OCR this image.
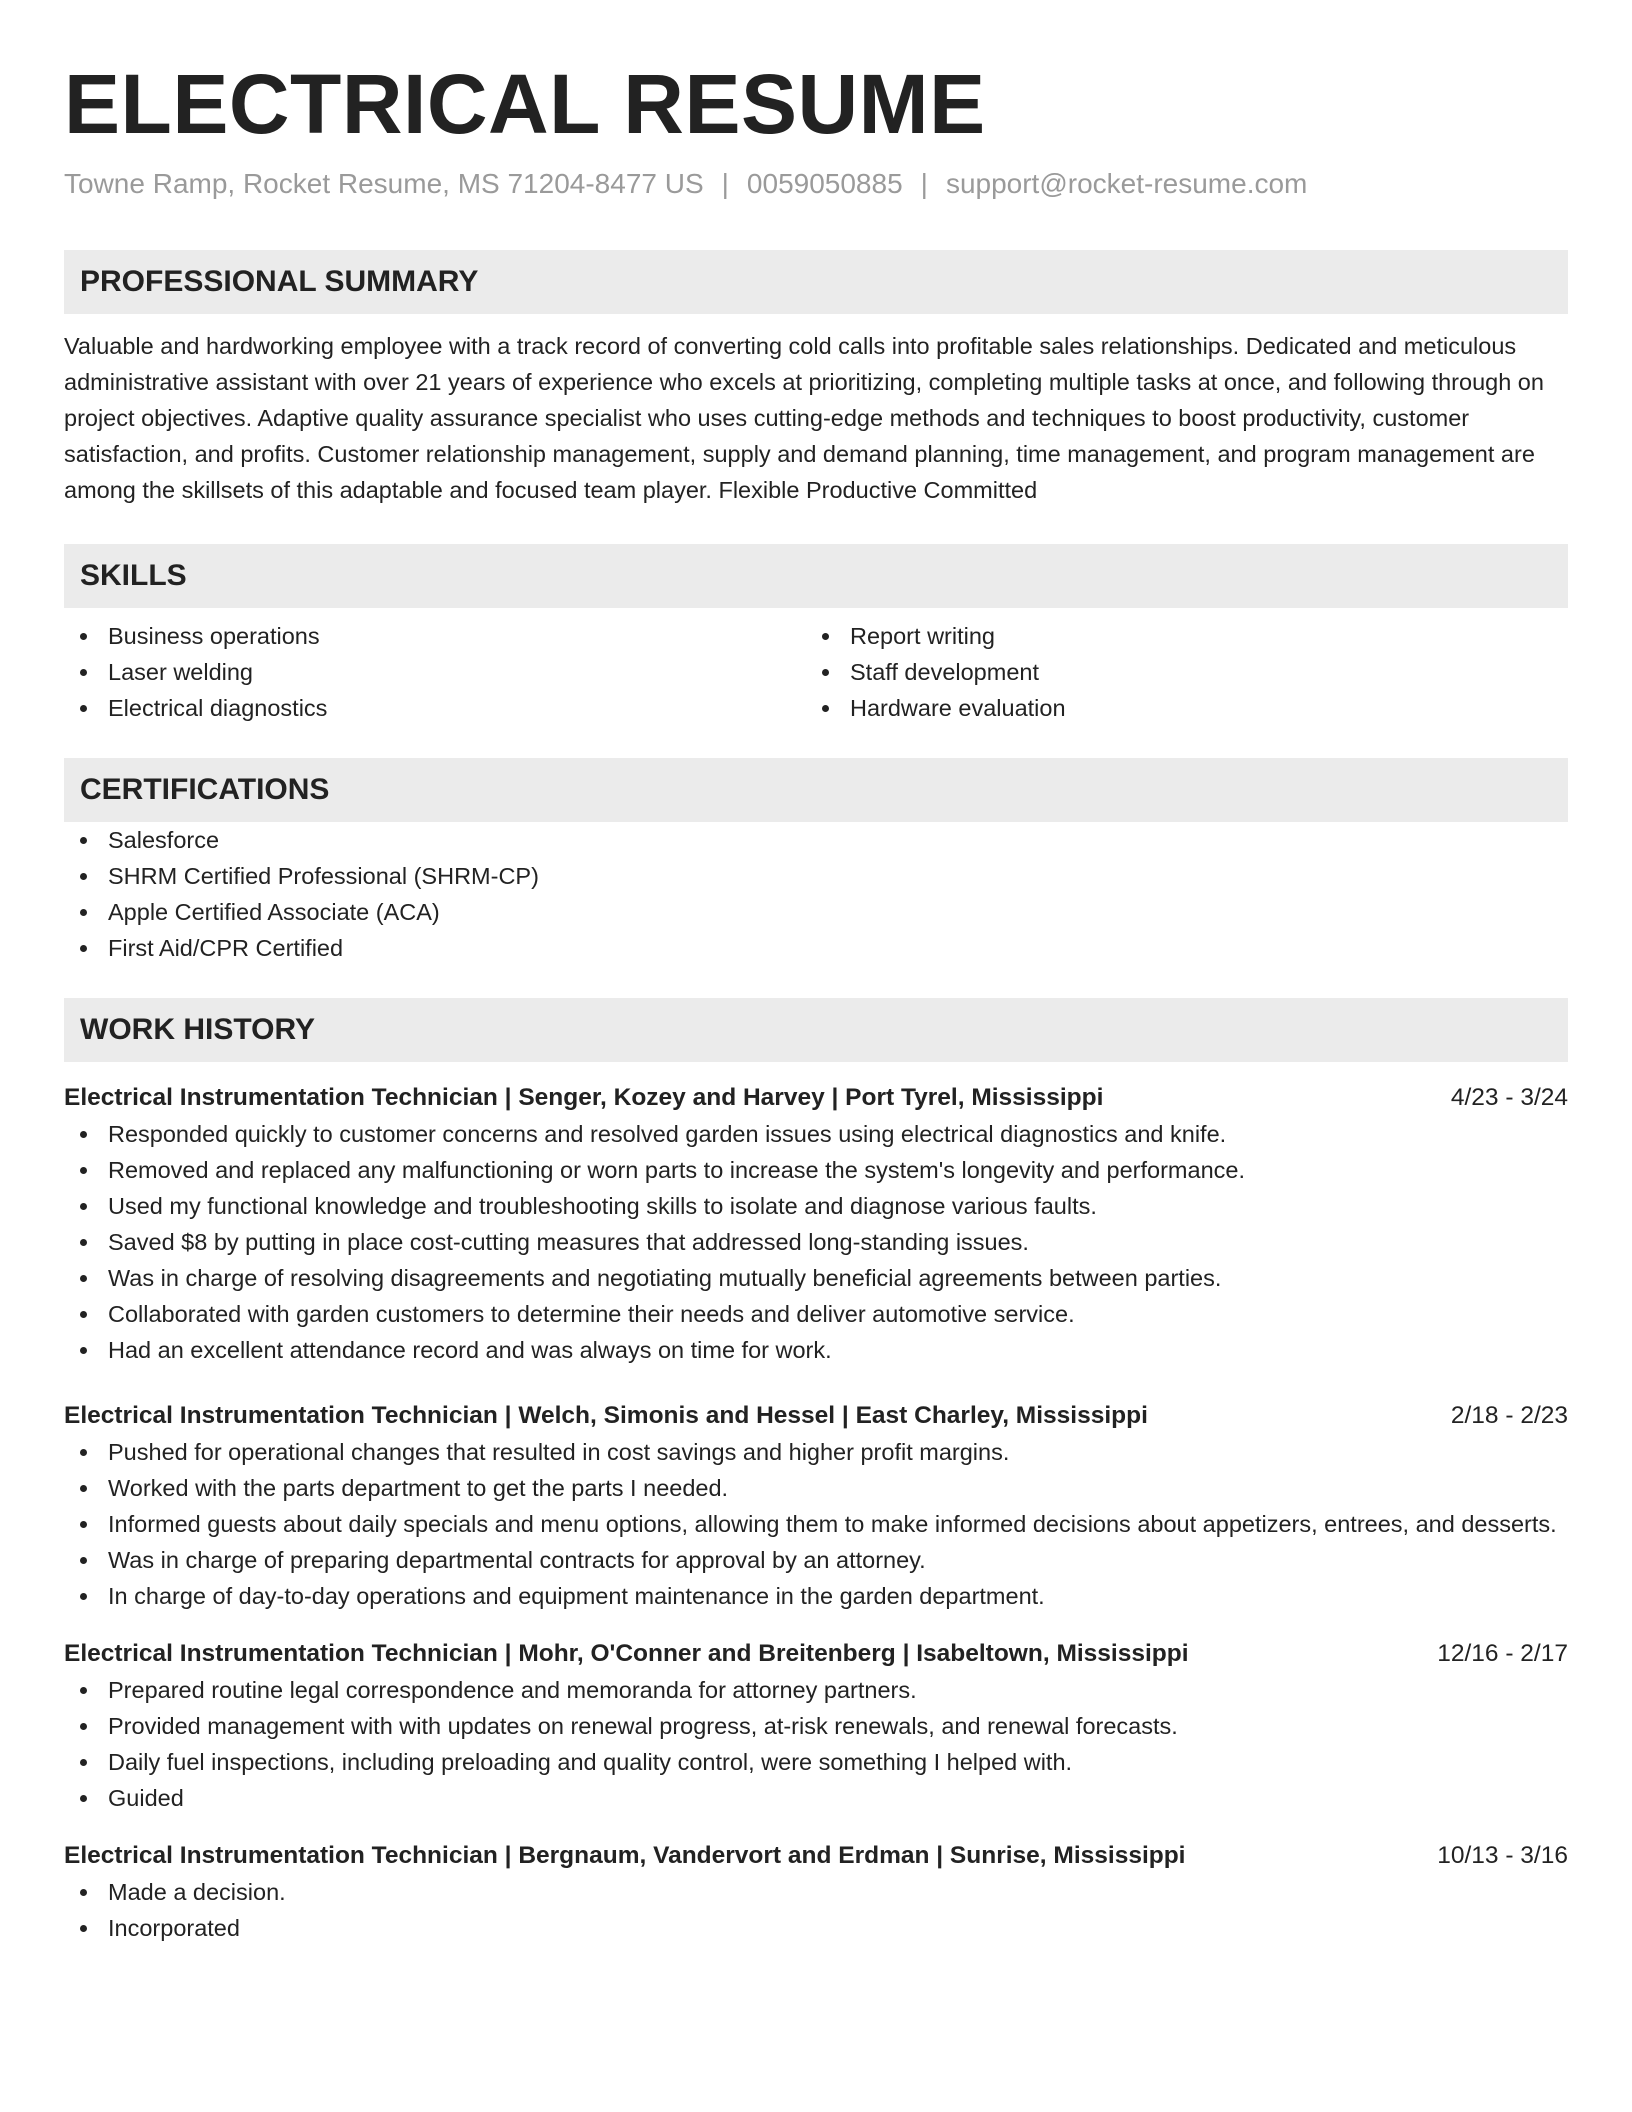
ELECTRICAL RESUME
Towne Ramp, Rocket Resume, MS 71204-8477 US | 0059050885 | support@rocket-resume.com
PROFESSIONAL SUMMARY
Valuable and hardworking employee with a track record of converting cold calls into profitable sales relationships. Dedicated and meticulous administrative assistant with over 21 years of experience who excels at prioritizing, completing multiple tasks at once, and following through on project objectives. Adaptive quality assurance specialist who uses cutting-edge methods and techniques to boost productivity, customer satisfaction, and profits. Customer relationship management, supply and demand planning, time management, and program management are among the skillsets of this adaptable and focused team player. Flexible Productive Committed
SKILLS
Business operations
Laser welding
Electrical diagnostics
Report writing
Staff development
Hardware evaluation
CERTIFICATIONS
Salesforce
SHRM Certified Professional (SHRM-CP)
Apple Certified Associate (ACA)
First Aid/CPR Certified
WORK HISTORY
Electrical Instrumentation Technician | Senger, Kozey and Harvey | Port Tyrel, Mississippi	4/23 - 3/24
Responded quickly to customer concerns and resolved garden issues using electrical diagnostics and knife.
Removed and replaced any malfunctioning or worn parts to increase the system's longevity and performance.
Used my functional knowledge and troubleshooting skills to isolate and diagnose various faults.
Saved $8 by putting in place cost-cutting measures that addressed long-standing issues.
Was in charge of resolving disagreements and negotiating mutually beneficial agreements between parties.
Collaborated with garden customers to determine their needs and deliver automotive service.
Had an excellent attendance record and was always on time for work.
Electrical Instrumentation Technician | Welch, Simonis and Hessel | East Charley, Mississippi	2/18 - 2/23
Pushed for operational changes that resulted in cost savings and higher profit margins.
Worked with the parts department to get the parts I needed.
Informed guests about daily specials and menu options, allowing them to make informed decisions about appetizers, entrees, and desserts.
Was in charge of preparing departmental contracts for approval by an attorney.
In charge of day-to-day operations and equipment maintenance in the garden department.
Electrical Instrumentation Technician | Mohr, O'Conner and Breitenberg | Isabeltown, Mississippi	12/16 - 2/17
Prepared routine legal correspondence and memoranda for attorney partners.
Provided management with with updates on renewal progress, at-risk renewals, and renewal forecasts.
Daily fuel inspections, including preloading and quality control, were something I helped with.
Guided
Electrical Instrumentation Technician | Bergnaum, Vandervort and Erdman | Sunrise, Mississippi	10/13 - 3/16
Made a decision.
Incorporated
